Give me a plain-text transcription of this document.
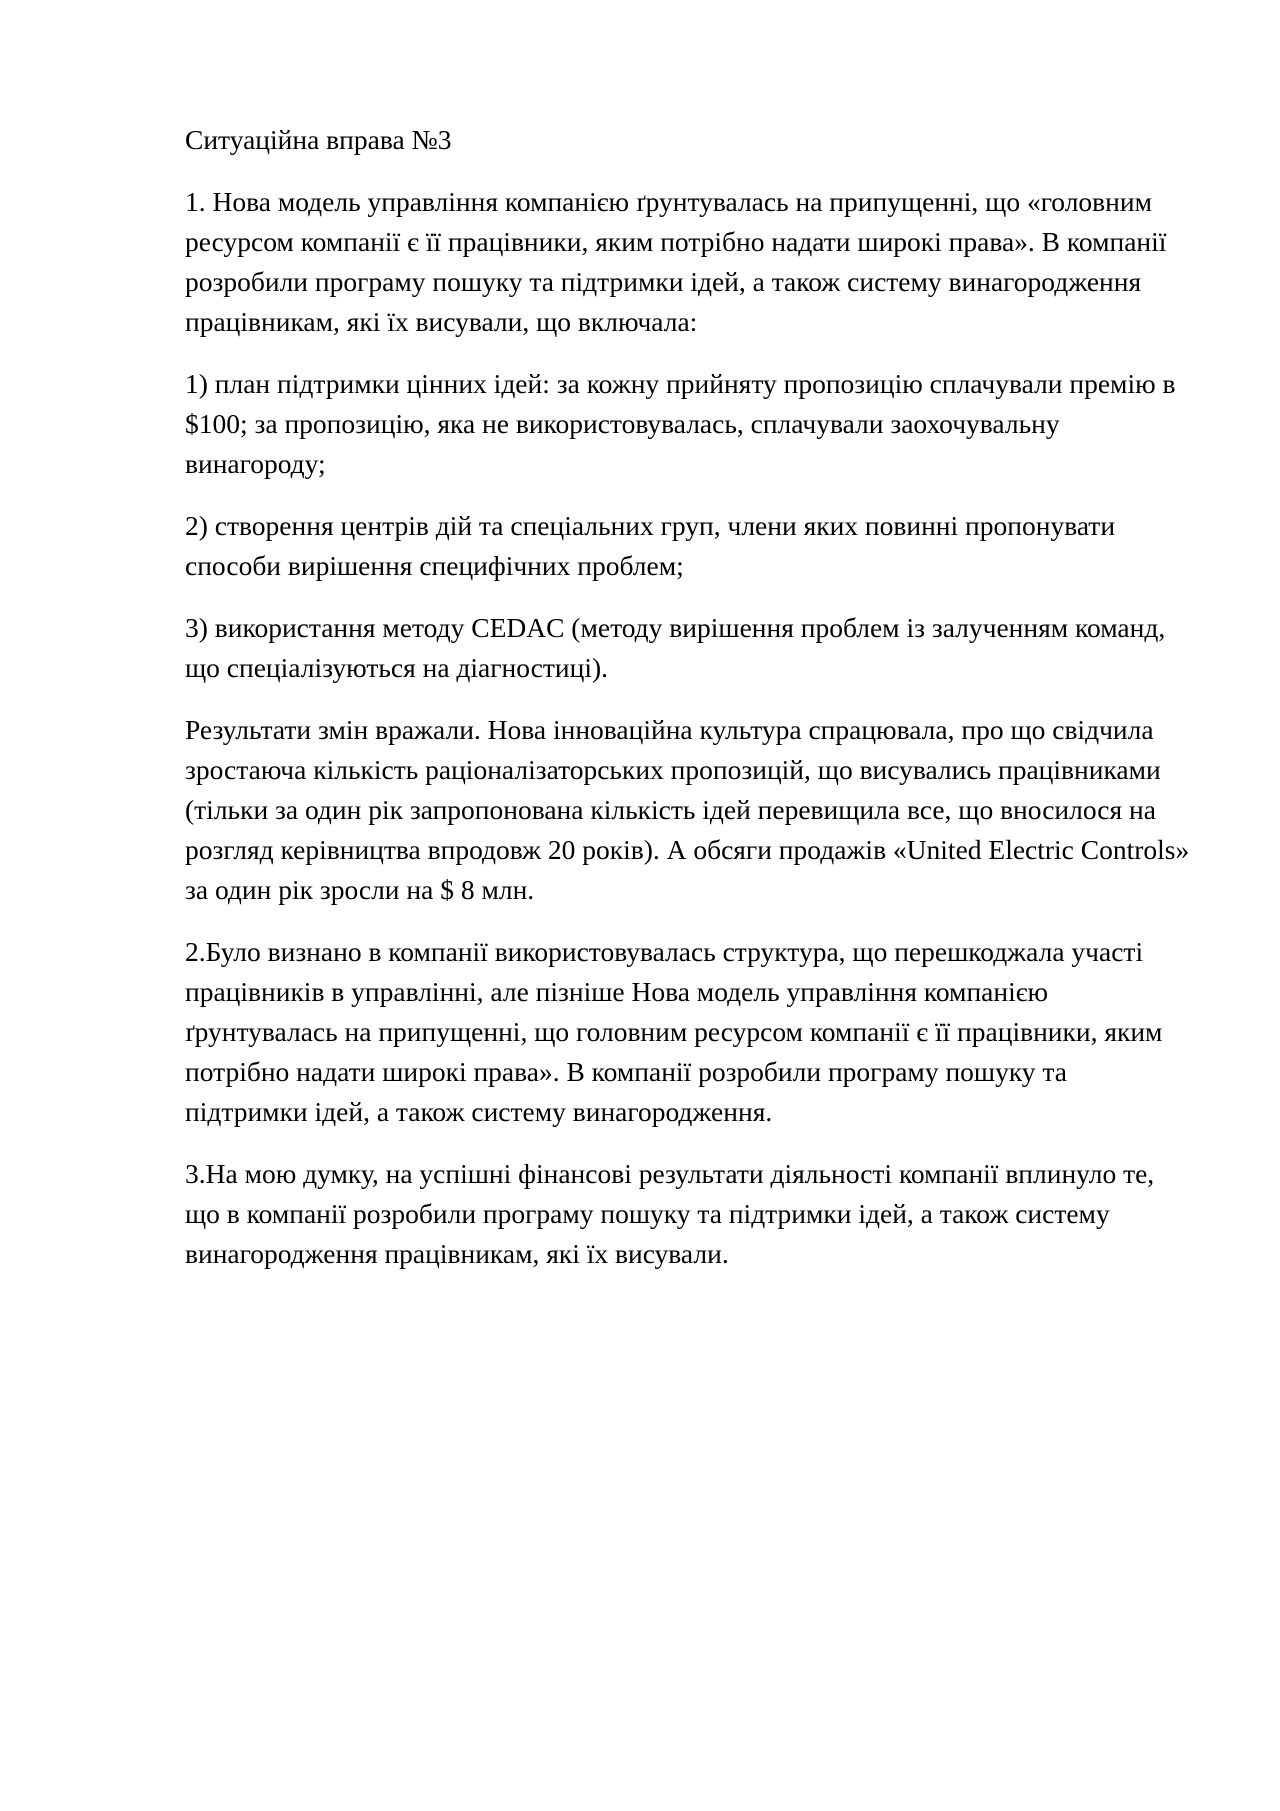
Ситуаційна вправа №3

1. Нова модель управління компанією ґрунтувалась на припущенні, що «головним ресурсом компанії є її працівники, яким потрібно надати широкі права». В компанії розробили програму пошуку та підтримки ідей, а також систему винагородження працівникам, які їх висували, що включала:

1) план підтримки цінних ідей: за кожну прийняту пропозицію сплачували премію в $100; за пропозицію, яка не використовувалась, сплачували заохочувальну винагороду;

2) створення центрів дій та спеціальних груп, члени яких повинні пропонувати способи вирішення специфічних проблем;

3) використання методу CEDAC (методу вирішення проблем із залученням команд, що спеціалізуються на діагностиці).

Результати змін вражали. Нова інноваційна культура спрацювала, про що свідчила зростаюча кількість раціоналізаторських пропозицій, що висувались працівниками (тільки за один рік запропонована кількість ідей перевищила все, що вносилося на розгляд керівництва впродовж 20 років). А обсяги продажів «United Electric Controls» за один рік зросли на $ 8 млн.

2.Було визнано в компанії використовувалась структура, що перешкоджала участі працівників в управлінні, але пізніше Нова модель управління компанією ґрунтувалась на припущенні, що головним ресурсом компанії є її працівники, яким потрібно надати широкі права». В компанії розробили програму пошуку та підтримки ідей, а також систему винагородження.

3.На мою думку, на успішні фінансові результати діяльності компанії вплинуло те, що в компанії розробили програму пошуку та підтримки ідей, а також систему винагородження працівникам, які їх висували.
